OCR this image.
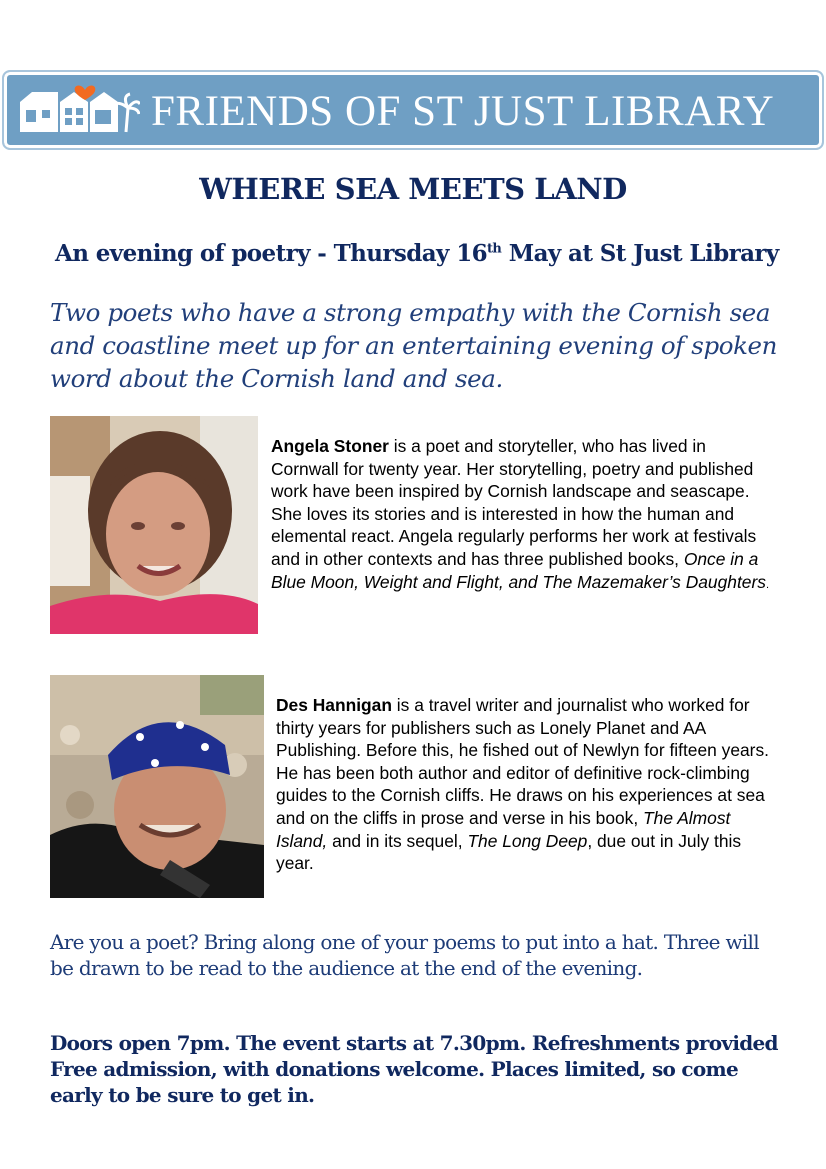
FRIENDS OF ST JUST LIBRARY
WHERE SEA MEETS LAND
An evening of poetry - Thursday 16th May at St Just Library
Two poets who have a strong empathy with the Cornish sea and coastline meet up for an entertaining evening of spoken word about the Cornish land and sea.
Angela Stoner is a poet and storyteller, who has lived in Cornwall for twenty year. Her storytelling, poetry and published work have been inspired by Cornish landscape and seascape. She loves its stories and is interested in how the human and elemental react. Angela regularly performs her work at festivals and in other contexts and has three published books, Once in a Blue Moon, Weight and Flight, and The Mazemaker’s Daughters.
Des Hannigan is a travel writer and journalist who worked for thirty years for publishers such as Lonely Planet and AA Publishing. Before this, he fished out of Newlyn for fifteen years. He has been both author and editor of definitive rock-climbing guides to the Cornish cliffs. He draws on his experiences at sea and on the cliffs in prose and verse in his book, The Almost Island, and in its sequel, The Long Deep, due out in July this year.
Are you a poet? Bring along one of your poems to put into a hat. Three will be drawn to be read to the audience at the end of the evening.
Doors open 7pm. The event starts at 7.30pm. Refreshments provided
Free admission, with donations welcome. Places limited, so come early to be sure to get in.
